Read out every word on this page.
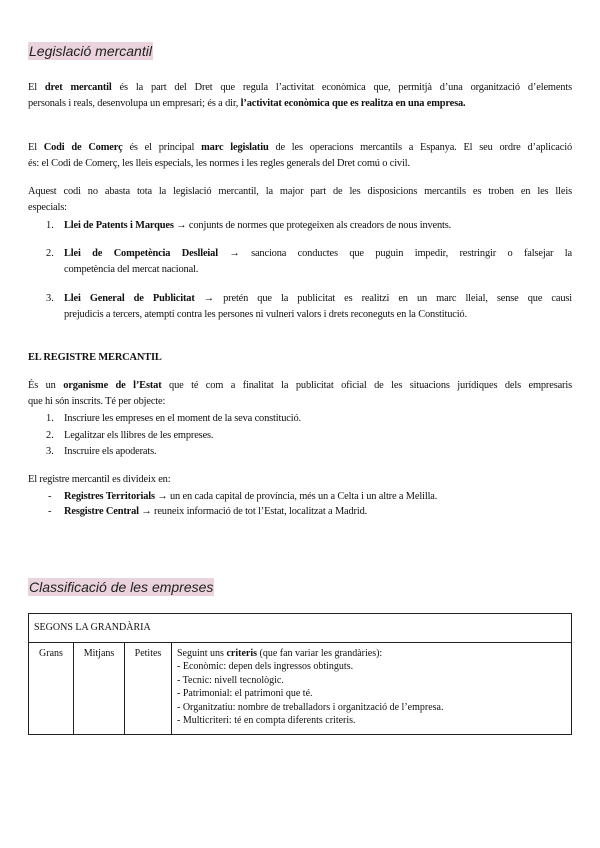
Legislació mercantil
El dret mercantil és la part del Dret que regula l’activitat econòmica que, permitjà d’una organització d’elements
personals i reals, desenvolupa un empresari; és a dir, l’activitat econòmica que es realitza en una empresa.
El Codi de Comerç és el principal marc legislatiu de les operacions mercantils a Espanya. El seu ordre d’aplicació
és: el Codi de Comerç, les lleis especials, les normes i les regles generals del Dret comú o civil.
Aquest codi no abasta tota la legislació mercantil, la major part de les disposicions mercantils es troben en les lleis
especials:
1. Llei de Patents i Marques → conjunts de normes que protegeixen als creadors de nous invents.
2. Llei de Competència Deslleial → sanciona conductes que puguin impedir, restringir o falsejar la
competència del mercat nacional.
3. Llei General de Publicitat → pretén que la publicitat es realitzi en un marc lleial, sense que causi
prejudicis a tercers, atempti contra les persones ni vulneri valors i drets reconeguts en la Constitució.
EL REGISTRE MERCANTIL
És un organisme de l’Estat que té com a finalitat la publicitat oficial de les situacions jurídiques dels empresaris
que hi són inscrits. Té per objecte:
1. Inscriure les empreses en el moment de la seva constitució.
2. Legalitzar els llibres de les empreses.
3. Inscruire els apoderats.
El registre mercantil es divideix en:
- Registres Territorials → un en cada capital de província, més un a Celta i un altre a Melilla.
- Resgistre Central → reuneix informació de tot l’Estat, localitzat a Madrid.
Classificació de les empreses
SEGONS LA GRANDÀRIA
Grans	Mitjans	Petites	Seguint uns criteris (que fan variar les grandàries):
- Econòmic: depen dels ingressos obtinguts.
- Tecnic: nivell tecnològic.
- Patrimonial: el patrimoni que té.
- Organitzatiu: nombre de treballadors i organització de l’empresa.
- Multicriteri: té en compta diferents criteris.
